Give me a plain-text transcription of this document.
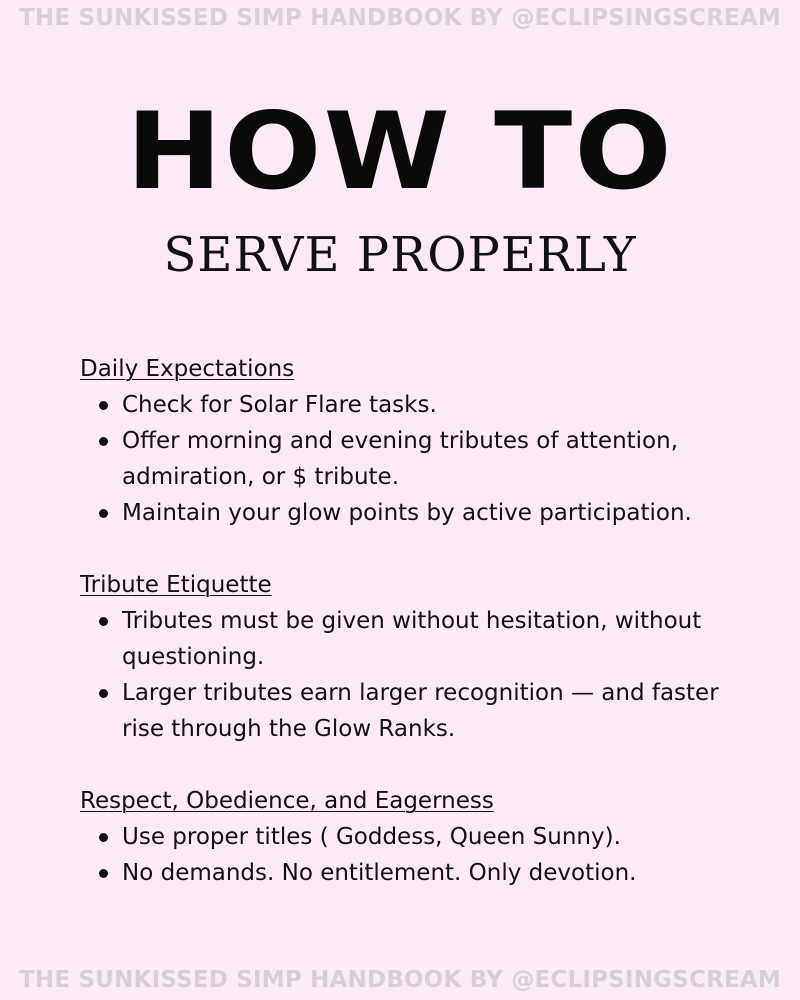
THE SUNKISSED SIMP HANDBOOK BY @ECLIPSINGSCREAM
HOW TO
SERVE PROPERLY
Daily Expectations
Check for Solar Flare tasks.
Offer morning and evening tributes of attention, admiration, or $ tribute.
Maintain your glow points by active participation.
Tribute Etiquette
Tributes must be given without hesitation, without questioning.
Larger tributes earn larger recognition — and faster rise through the Glow Ranks.
Respect, Obedience, and Eagerness
Use proper titles ( Goddess, Queen Sunny).
No demands. No entitlement. Only devotion.
THE SUNKISSED SIMP HANDBOOK BY @ECLIPSINGSCREAM
